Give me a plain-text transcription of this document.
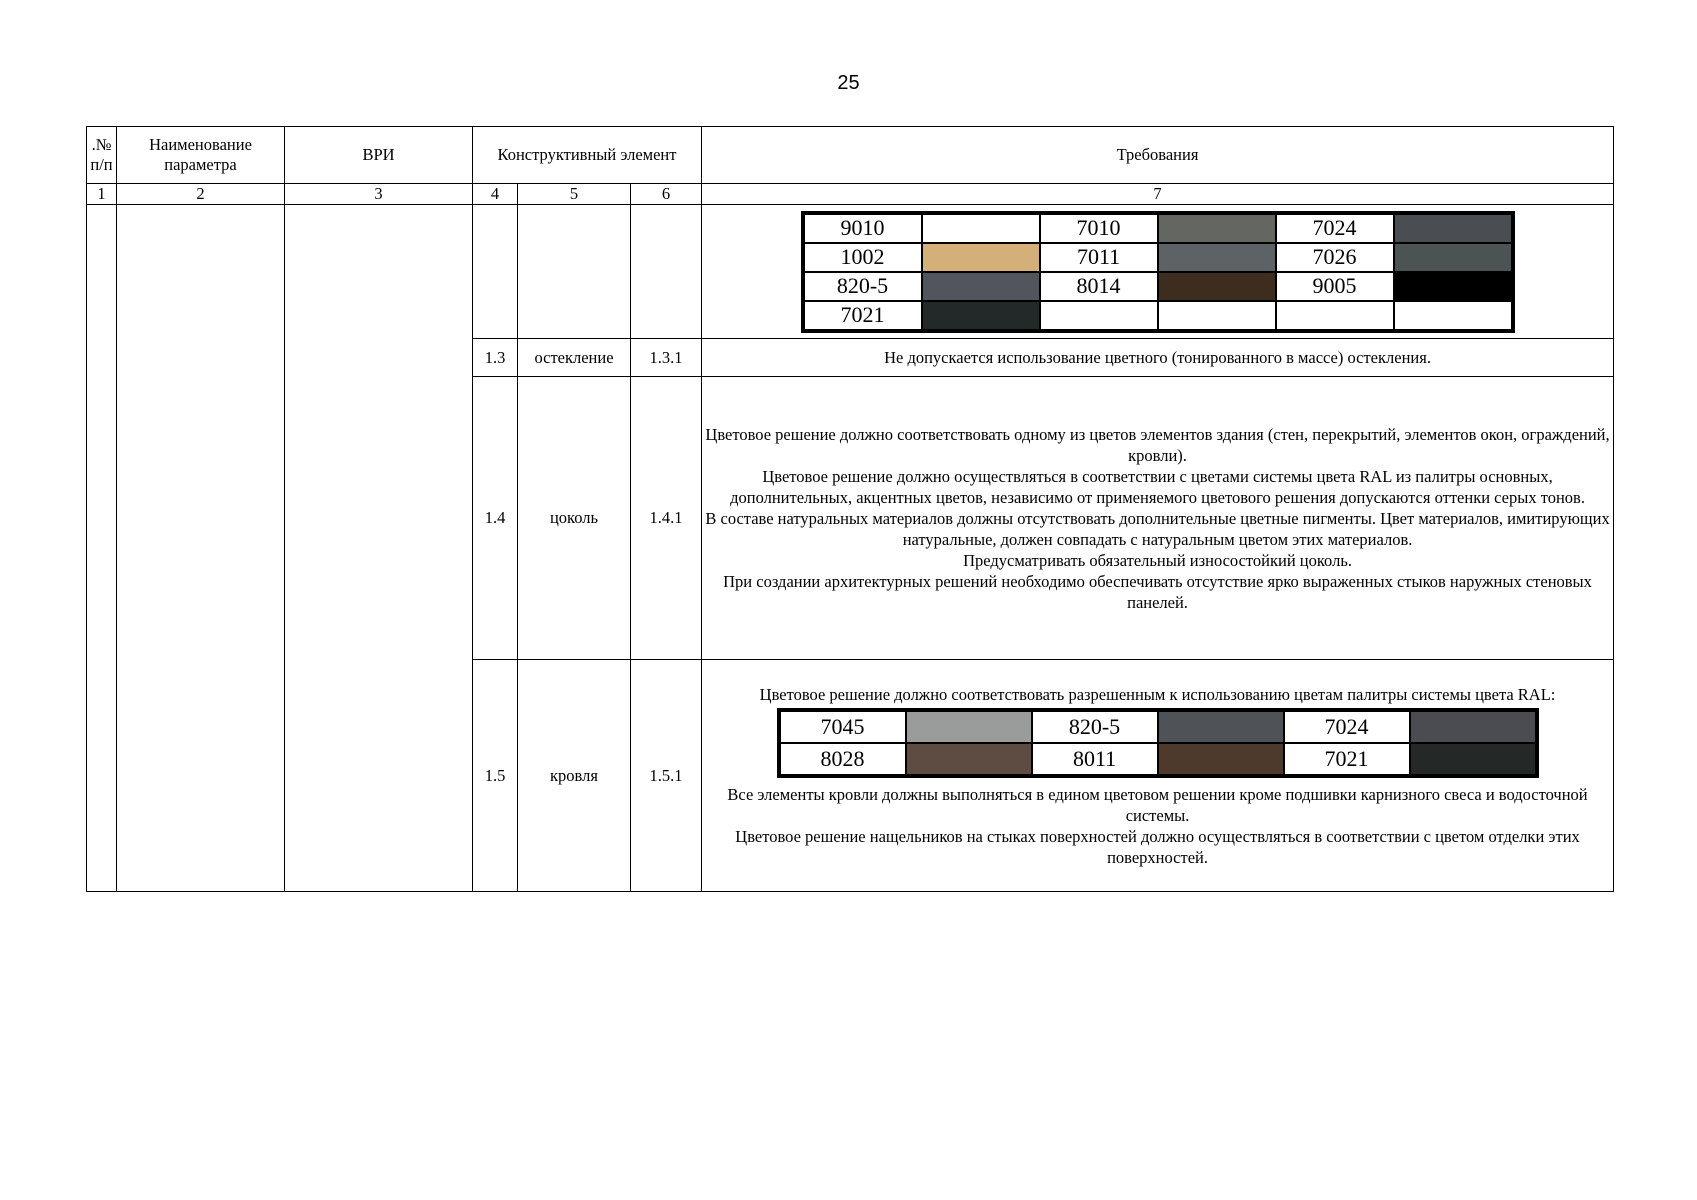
25
.№ п/п	Наименование параметра	ВРИ	Конструктивный элемент	Требования
1	2	3	4	5	6	7

9010		7010		7024	
1002		7011		7026	
820-5		8014		9005	
7021					

1.3	остекление	1.3.1	Не допускается использование цветного (тонированного в массе) остекления.

1.4	цоколь	1.4.1	

Цветовое решение должно соответствовать одному из цветов элементов здания (стен, перекрытий, элементов окон, ограждений, кровли).

Цветовое решение должно осуществляться в соответствии с цветами системы цвета RAL из палитры основных, дополнительных, акцентных цветов, независимо от применяемого цветового решения допускаются оттенки серых тонов.

В составе натуральных материалов должны отсутствовать дополнительные цветные пигменты. Цвет материалов, имитирующих натуральные, должен совпадать с натуральным цветом этих материалов.

Предусматривать обязательный износостойкий цоколь.

При создании архитектурных решений необходимо обеспечивать отсутствие ярко выраженных стыков наружных стеновых панелей.

1.5	кровля	1.5.1	

Цветовое решение должно соответствовать разрешенным к использованию цветам палитры системы цвета RAL:

7045		820-5		7024	
8028		8011		7021	

Все элементы кровли должны выполняться в едином цветовом решении кроме подшивки карнизного свеса и водосточной системы.

Цветовое решение нащельников на стыках поверхностей должно осуществляться в соответствии с цветом отделки этих поверхностей.
